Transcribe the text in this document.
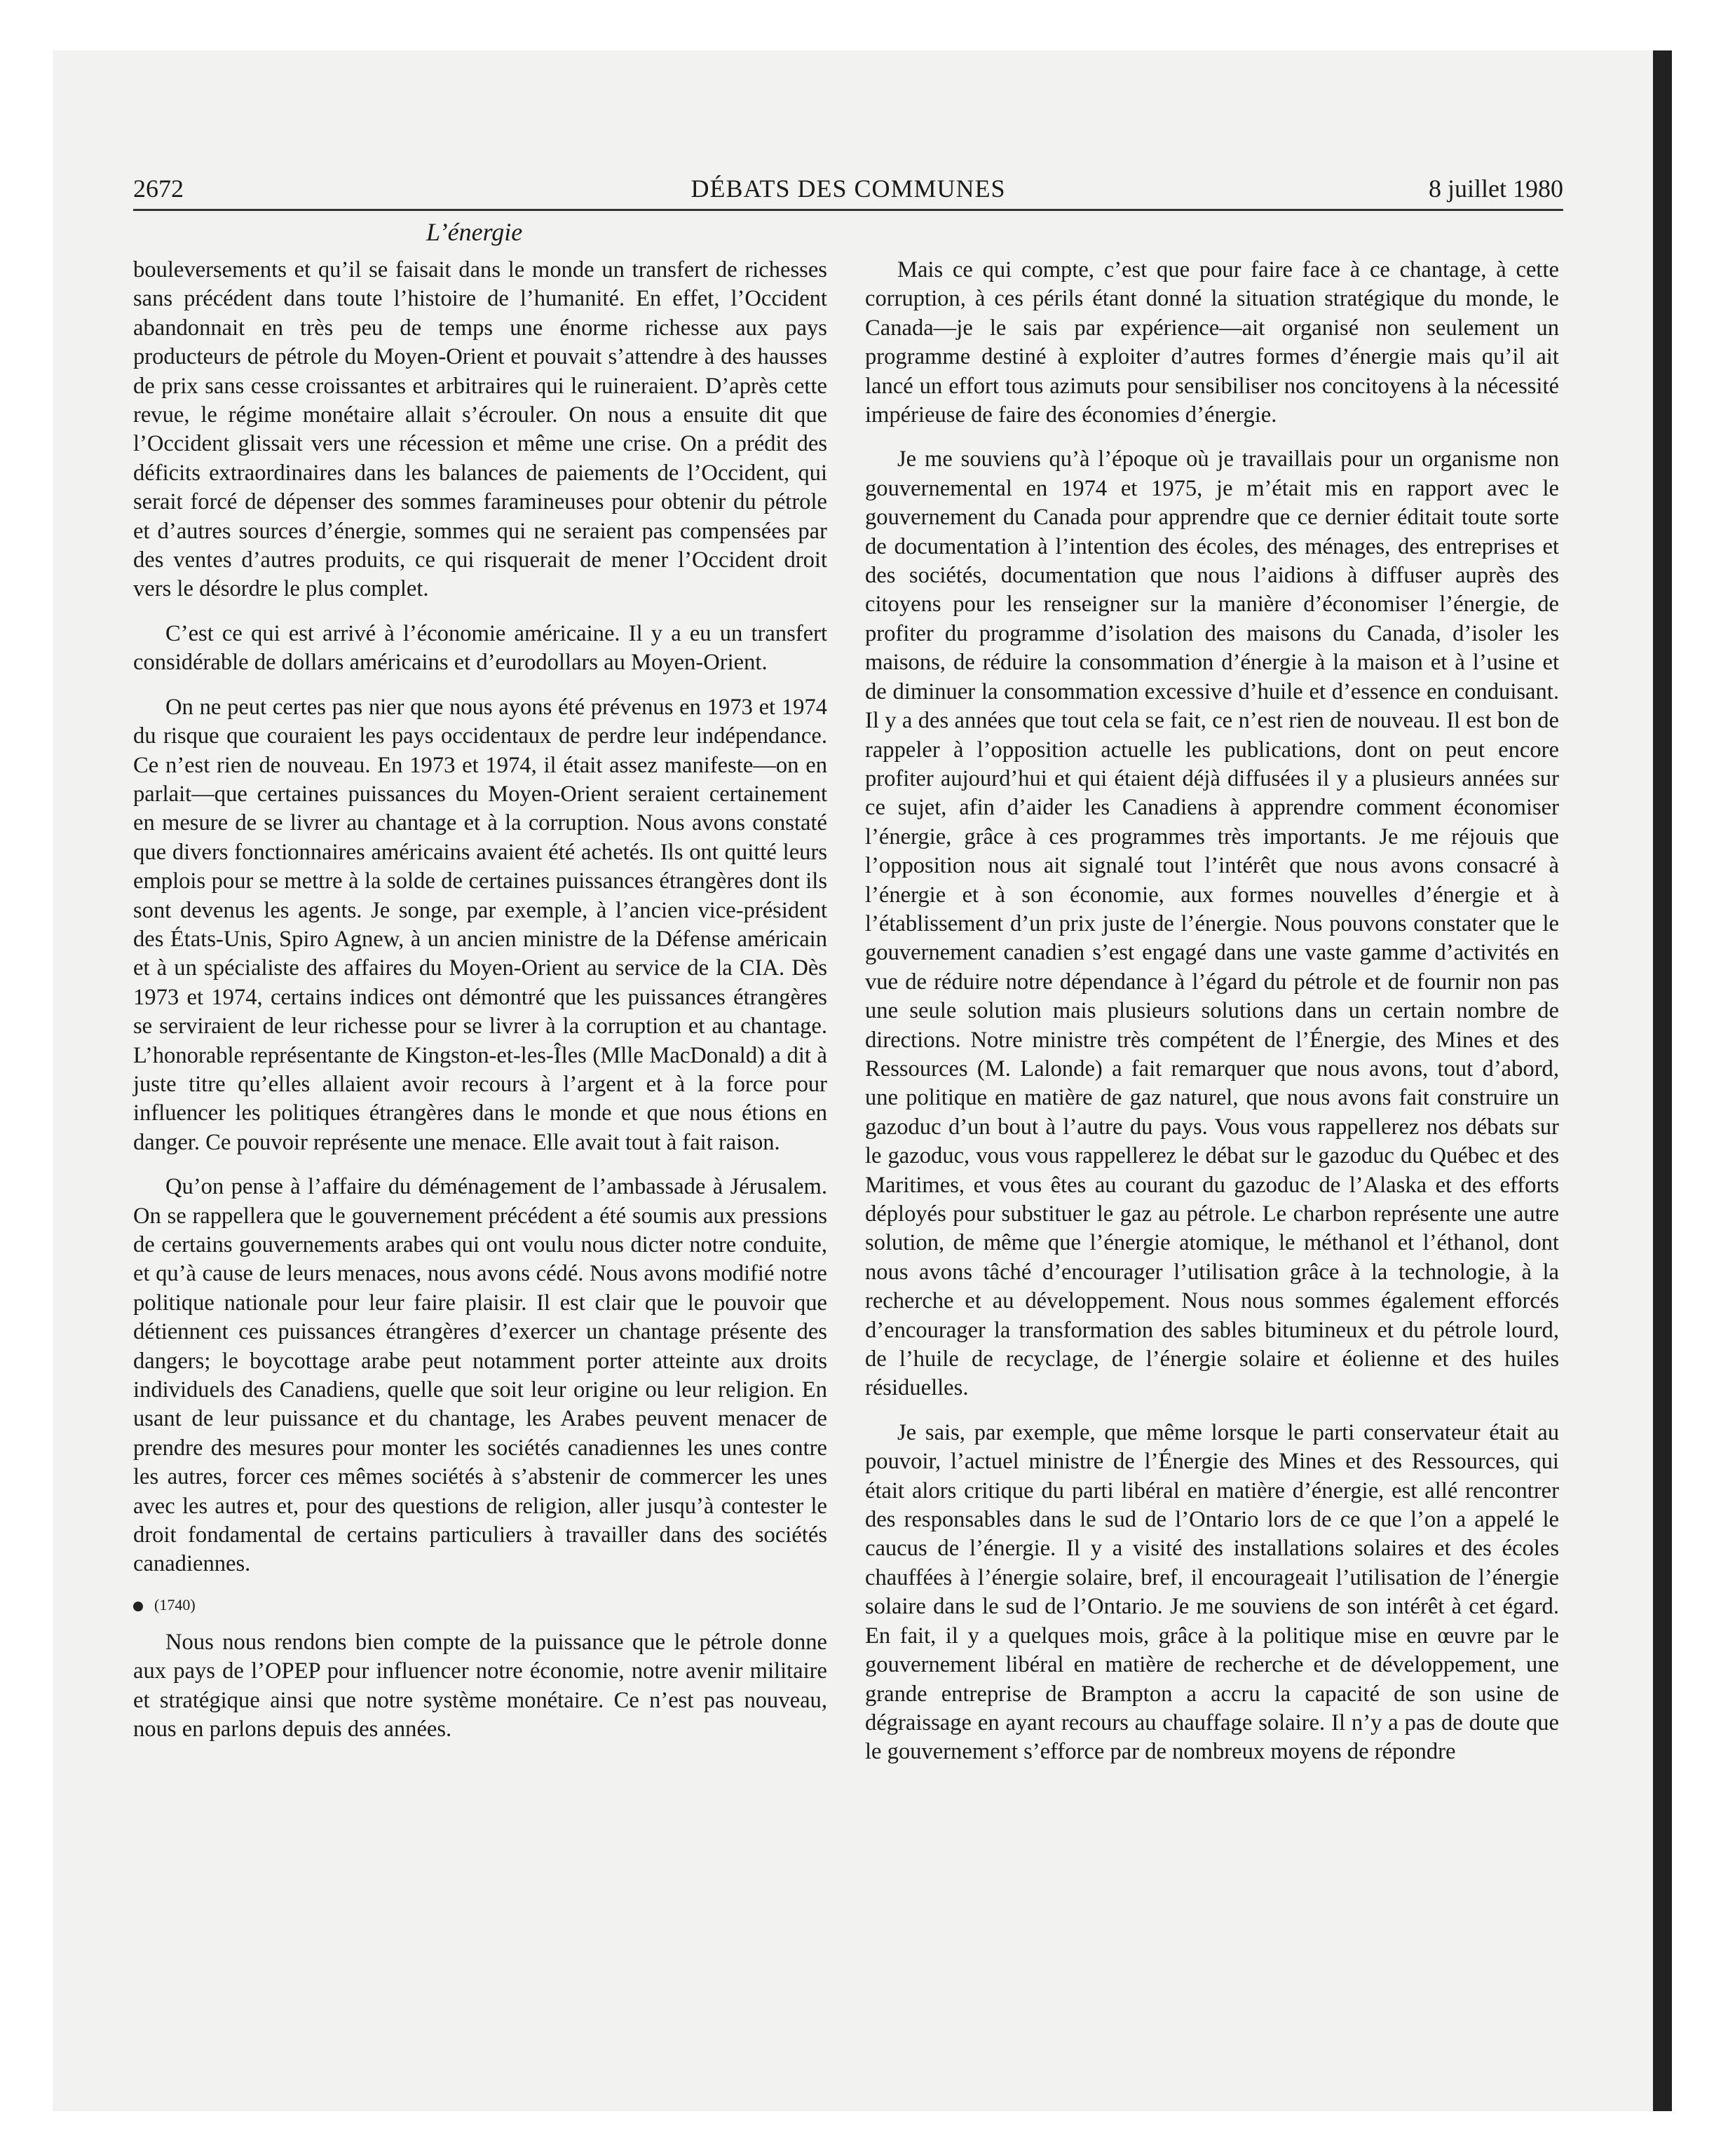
2672	DÉBATS DES COMMUNES	8 juillet 1980
L’énergie

bouleversements et qu’il se faisait dans le monde un transfert de richesses sans précédent dans toute l’histoire de l’humanité. En effet, l’Occident abandonnait en très peu de temps une énorme richesse aux pays producteurs de pétrole du Moyen-Orient et pouvait s’attendre à des hausses de prix sans cesse croissantes et arbitraires qui le ruineraient. D’après cette revue, le régime monétaire allait s’écrouler. On nous a ensuite dit que l’Occident glissait vers une récession et même une crise. On a prédit des déficits extraordinaires dans les balances de paiements de l’Occident, qui serait forcé de dépenser des sommes faramineuses pour obtenir du pétrole et d’autres sources d’énergie, sommes qui ne seraient pas compensées par des ventes d’autres produits, ce qui risquerait de mener l’Occident droit vers le désordre le plus complet.

C’est ce qui est arrivé à l’économie américaine. Il y a eu un transfert considérable de dollars américains et d’eurodollars au Moyen-Orient.

On ne peut certes pas nier que nous ayons été prévenus en 1973 et 1974 du risque que couraient les pays occidentaux de perdre leur indépendance. Ce n’est rien de nouveau. En 1973 et 1974, il était assez manifeste—on en parlait—que certaines puissances du Moyen-Orient seraient certainement en mesure de se livrer au chantage et à la corruption. Nous avons constaté que divers fonctionnaires américains avaient été achetés. Ils ont quitté leurs emplois pour se mettre à la solde de certaines puissances étrangères dont ils sont devenus les agents. Je songe, par exemple, à l’ancien vice-président des États-Unis, Spiro Agnew, à un ancien ministre de la Défense américain et à un spécialiste des affaires du Moyen-Orient au service de la CIA. Dès 1973 et 1974, certains indices ont démontré que les puissances étrangères se serviraient de leur richesse pour se livrer à la corruption et au chantage. L’honorable représentante de Kingston-et-les-Îles (Mlle MacDonald) a dit à juste titre qu’elles allaient avoir recours à l’argent et à la force pour influencer les politiques étrangères dans le monde et que nous étions en danger. Ce pouvoir représente une menace. Elle avait tout à fait raison.

Qu’on pense à l’affaire du déménagement de l’ambassade à Jérusalem. On se rappellera que le gouvernement précédent a été soumis aux pressions de certains gouvernements arabes qui ont voulu nous dicter notre conduite, et qu’à cause de leurs menaces, nous avons cédé. Nous avons modifié notre politique nationale pour leur faire plaisir. Il est clair que le pouvoir que détiennent ces puissances étrangères d’exercer un chantage présente des dangers; le boycottage arabe peut notamment porter atteinte aux droits individuels des Canadiens, quelle que soit leur origine ou leur religion. En usant de leur puissance et du chantage, les Arabes peuvent menacer de prendre des mesures pour monter les sociétés canadiennes les unes contre les autres, forcer ces mêmes sociétés à s’abstenir de commercer les unes avec les autres et, pour des questions de religion, aller jusqu’à contester le droit fondamental de certains particuliers à travailler dans des sociétés canadiennes.

(1740)

Nous nous rendons bien compte de la puissance que le pétrole donne aux pays de l’OPEP pour influencer notre économie, notre avenir militaire et stratégique ainsi que notre système monétaire. Ce n’est pas nouveau, nous en parlons depuis des années.

Mais ce qui compte, c’est que pour faire face à ce chantage, à cette corruption, à ces périls étant donné la situation stratégique du monde, le Canada—je le sais par expérience—ait organisé non seulement un programme destiné à exploiter d’autres formes d’énergie mais qu’il ait lancé un effort tous azimuts pour sensibiliser nos concitoyens à la nécessité impérieuse de faire des économies d’énergie.

Je me souviens qu’à l’époque où je travaillais pour un organisme non gouvernemental en 1974 et 1975, je m’était mis en rapport avec le gouvernement du Canada pour apprendre que ce dernier éditait toute sorte de documentation à l’intention des écoles, des ménages, des entreprises et des sociétés, documentation que nous l’aidions à diffuser auprès des citoyens pour les renseigner sur la manière d’économiser l’énergie, de profiter du programme d’isolation des maisons du Canada, d’isoler les maisons, de réduire la consommation d’énergie à la maison et à l’usine et de diminuer la consommation excessive d’huile et d’essence en conduisant. Il y a des années que tout cela se fait, ce n’est rien de nouveau. Il est bon de rappeler à l’opposition actuelle les publications, dont on peut encore profiter aujourd’hui et qui étaient déjà diffusées il y a plusieurs années sur ce sujet, afin d’aider les Canadiens à apprendre comment économiser l’énergie, grâce à ces programmes très importants. Je me réjouis que l’opposition nous ait signalé tout l’intérêt que nous avons consacré à l’énergie et à son économie, aux formes nouvelles d’énergie et à l’établissement d’un prix juste de l’énergie. Nous pouvons constater que le gouvernement canadien s’est engagé dans une vaste gamme d’activités en vue de réduire notre dépendance à l’égard du pétrole et de fournir non pas une seule solution mais plusieurs solutions dans un certain nombre de directions. Notre ministre très compétent de l’Énergie, des Mines et des Ressources (M. Lalonde) a fait remarquer que nous avons, tout d’abord, une politique en matière de gaz naturel, que nous avons fait construire un gazoduc d’un bout à l’autre du pays. Vous vous rappellerez nos débats sur le gazoduc, vous vous rappellerez le débat sur le gazoduc du Québec et des Maritimes, et vous êtes au courant du gazoduc de l’Alaska et des efforts déployés pour substituer le gaz au pétrole. Le charbon représente une autre solution, de même que l’énergie atomique, le méthanol et l’éthanol, dont nous avons tâché d’encourager l’utilisation grâce à la technologie, à la recherche et au développement. Nous nous sommes également efforcés d’encourager la transformation des sables bitumineux et du pétrole lourd, de l’huile de recyclage, de l’énergie solaire et éolienne et des huiles résiduelles.

Je sais, par exemple, que même lorsque le parti conservateur était au pouvoir, l’actuel ministre de l’Énergie des Mines et des Ressources, qui était alors critique du parti libéral en matière d’énergie, est allé rencontrer des responsables dans le sud de l’Ontario lors de ce que l’on a appelé le caucus de l’énergie. Il y a visité des installations solaires et des écoles chauffées à l’énergie solaire, bref, il encourageait l’utilisation de l’énergie solaire dans le sud de l’Ontario. Je me souviens de son intérêt à cet égard. En fait, il y a quelques mois, grâce à la politique mise en œuvre par le gouvernement libéral en matière de recherche et de développement, une grande entreprise de Brampton a accru la capacité de son usine de dégraissage en ayant recours au chauffage solaire. Il n’y a pas de doute que le gouvernement s’efforce par de nombreux moyens de répondre
